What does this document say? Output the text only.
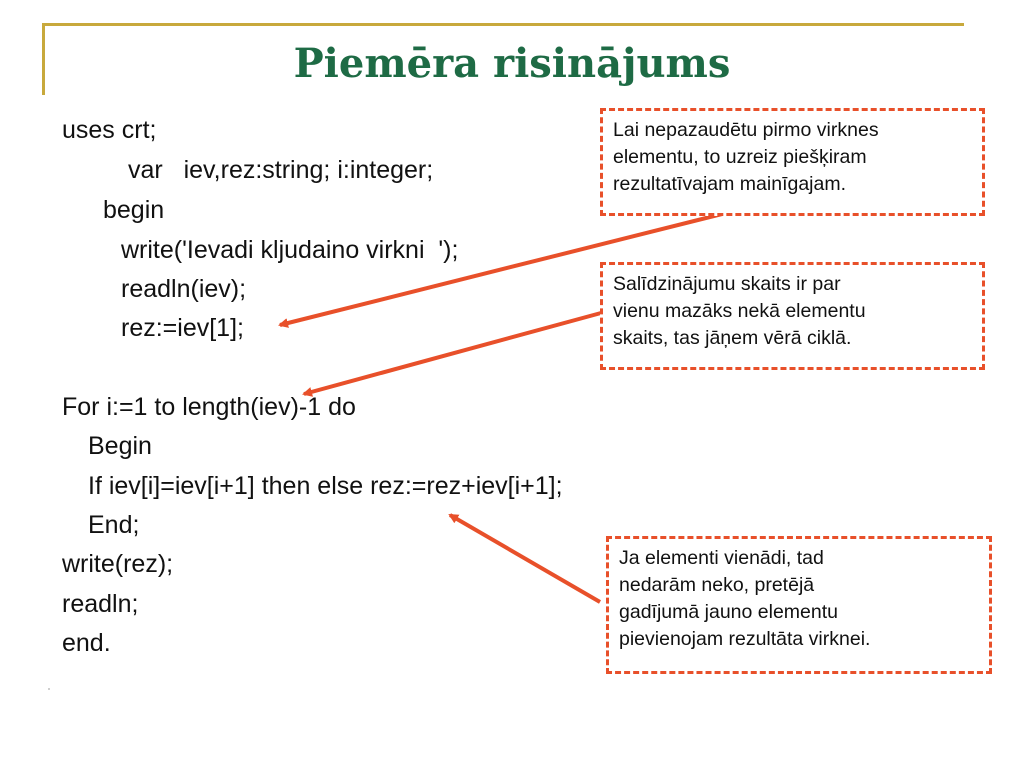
Piemēra risinājums
uses crt;
var   iev,rez:string; i:integer;
begin
write('Ievadi kljudaino virkni  ');
readln(iev);
rez:=iev[1];
For i:=1 to length(iev)-1 do
Begin
If iev[i]=iev[i+1] then else rez:=rez+iev[i+1];
End;
write(rez);
readln;
end.
Lai nepazaudētu pirmo virknes
elementu, to uzreiz piešķiram
rezultatīvajam mainīgajam.
Salīdzinājumu skaits ir par
vienu mazāks nekā elementu
skaits, tas jāņem vērā ciklā.
Ja elementi vienādi, tad
nedarām neko, pretējā
gadījumā jauno elementu
pievienojam rezultāta virknei.
